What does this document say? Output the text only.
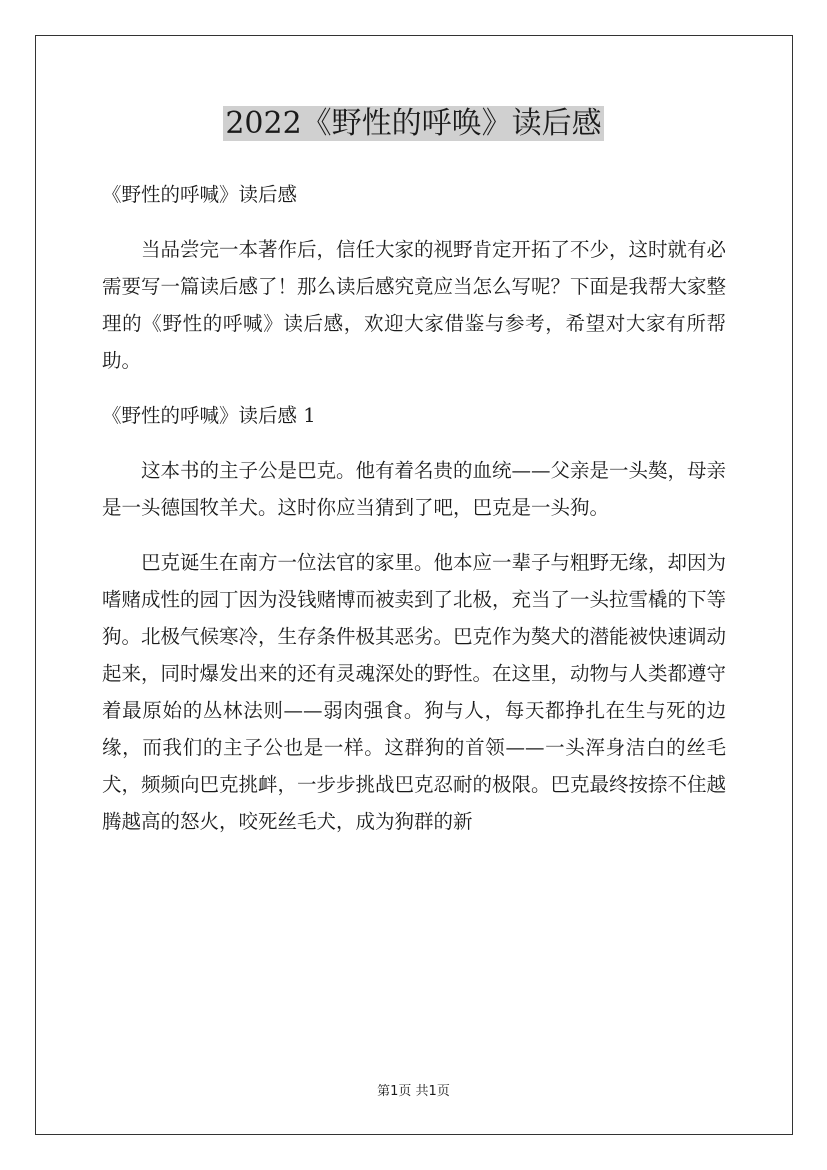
2022《野性的呼唤》读后感

《野性的呼喊》读后感

当品尝完一本著作后，信任大家的视野肯定开拓了不少，这时就有必需要写一篇读后感了！那么读后感究竟应当怎么写呢？下面是我帮大家整理的《野性的呼喊》读后感，欢迎大家借鉴与参考，希望对大家有所帮助。

《野性的呼喊》读后感 1

这本书的主子公是巴克。他有着名贵的血统——父亲是一头獒，母亲是一头德国牧羊犬。这时你应当猜到了吧，巴克是一头狗。

巴克诞生在南方一位法官的家里。他本应一辈子与粗野无缘，却因为嗜赌成性的园丁因为没钱赌博而被卖到了北极，充当了一头拉雪橇的下等狗。北极气候寒冷，生存条件极其恶劣。巴克作为獒犬的潜能被快速调动起来，同时爆发出来的还有灵魂深处的野性。在这里，动物与人类都遵守着最原始的丛林法则——弱肉强食。狗与人，每天都挣扎在生与死的边缘，而我们的主子公也是一样。这群狗的首领——一头浑身洁白的丝毛犬，频频向巴克挑衅，一步步挑战巴克忍耐的极限。巴克最终按捺不住越腾越高的怒火，咬死丝毛犬，成为狗群的新

第1页 共1页
